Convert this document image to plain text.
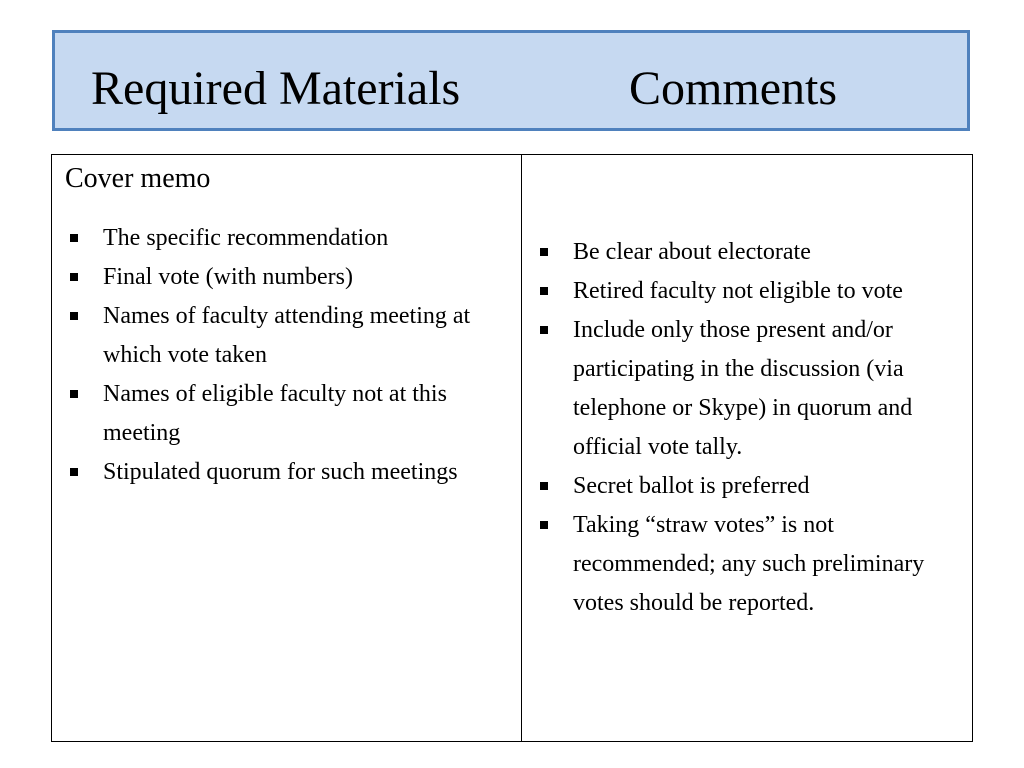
Required Materials	Comments
Cover memo
The specific recommendation
Final vote (with numbers)
Names of faculty attending meeting at which vote taken
Names of eligible faculty not at this meeting
Stipulated quorum for such meetings
Be clear about electorate
Retired faculty not eligible to vote
Include only those present and/or participating in the discussion (via telephone or Skype) in quorum and official vote tally.
Secret ballot is preferred
Taking “straw votes” is not recommended; any such preliminary votes should be reported.
